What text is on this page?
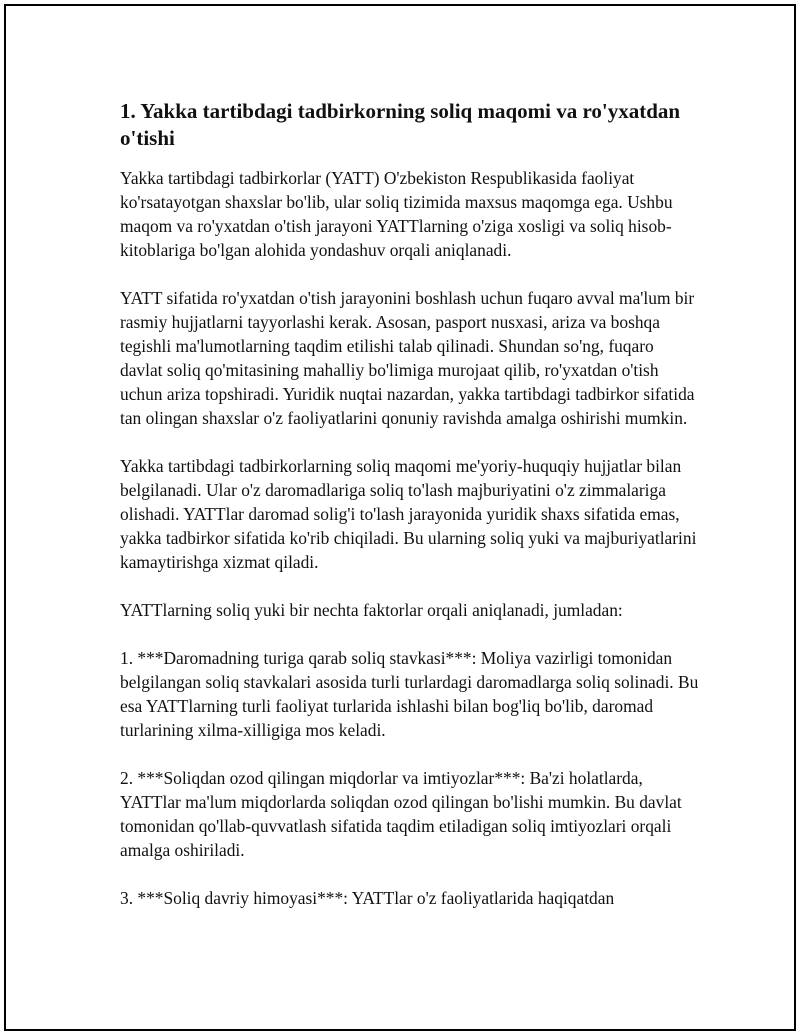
1. Yakka tartibdagi tadbirkorning soliq maqomi va ro'yxatdan o'tishi

Yakka tartibdagi tadbirkorlar (YATT) O'zbekiston Respublikasida faoliyat ko'rsatayotgan shaxslar bo'lib, ular soliq tizimida maxsus maqomga ega. Ushbu maqom va ro'yxatdan o'tish jarayoni YATTlarning o'ziga xosligi va soliq hisob-kitoblariga bo'lgan alohida yondashuv orqali aniqlanadi.

YATT sifatida ro'yxatdan o'tish jarayonini boshlash uchun fuqaro avval ma'lum bir rasmiy hujjatlarni tayyorlashi kerak. Asosan, pasport nusxasi, ariza va boshqa tegishli ma'lumotlarning taqdim etilishi talab qilinadi. Shundan so'ng, fuqaro davlat soliq qo'mitasining mahalliy bo'limiga murojaat qilib, ro'yxatdan o'tish uchun ariza topshiradi. Yuridik nuqtai nazardan, yakka tartibdagi tadbirkor sifatida tan olingan shaxslar o'z faoliyatlarini qonuniy ravishda amalga oshirishi mumkin.

Yakka tartibdagi tadbirkorlarning soliq maqomi me'yoriy-huquqiy hujjatlar bilan belgilanadi. Ular o'z daromadlariga soliq to'lash majburiyatini o'z zimmalariga olishadi. YATTlar daromad solig'i to'lash jarayonida yuridik shaxs sifatida emas, yakka tadbirkor sifatida ko'rib chiqiladi. Bu ularning soliq yuki va majburiyatlarini kamaytirishga xizmat qiladi.

YATTlarning soliq yuki bir nechta faktorlar orqali aniqlanadi, jumladan:

1. ***Daromadning turiga qarab soliq stavkasi***: Moliya vazirligi tomonidan belgilangan soliq stavkalari asosida turli turlardagi daromadlarga soliq solinadi. Bu esa YATTlarning turli faoliyat turlarida ishlashi bilan bog'liq bo'lib, daromad turlarining xilma-xilligiga mos keladi.

2. ***Soliqdan ozod qilingan miqdorlar va imtiyozlar***: Ba'zi holatlarda, YATTlar ma'lum miqdorlarda soliqdan ozod qilingan bo'lishi mumkin. Bu davlat tomonidan qo'llab-quvvatlash sifatida taqdim etiladigan soliq imtiyozlari orqali amalga oshiriladi.

3. ***Soliq davriy himoyasi***: YATTlar o'z faoliyatlarida haqiqatdan
